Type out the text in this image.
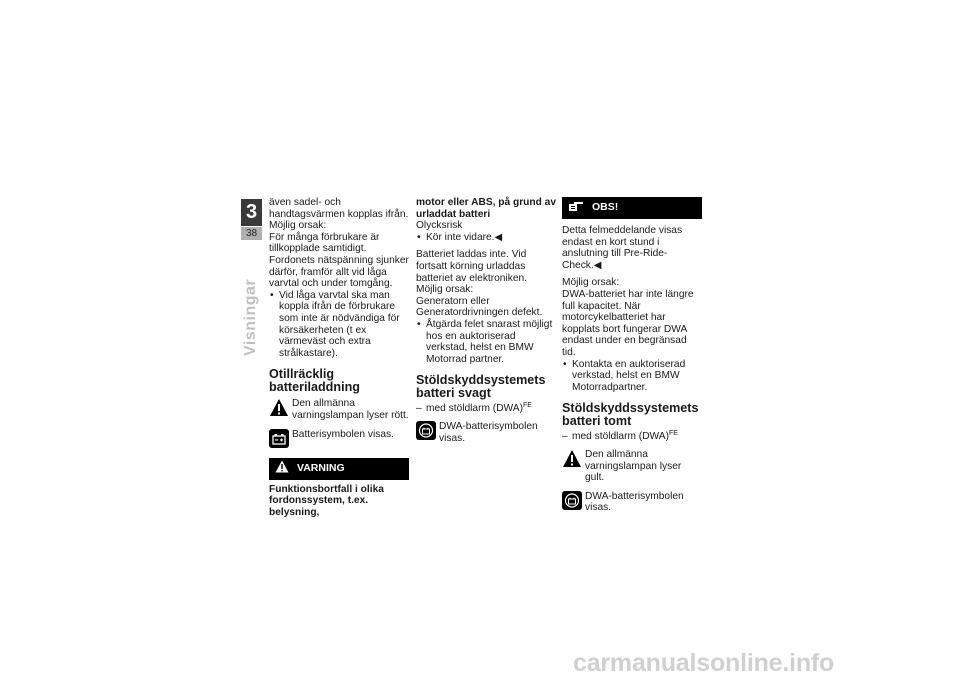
3
38
Visningar

även sadel- och handtagsvärmen kopplas ifrån.

Möjlig orsak:

För många förbrukare är tillkopplade samtidigt. Fordonets nätspänning sjunker därför, framför allt vid låga varvtal och under tomgång.

• Vid låga varvtal ska man koppla ifrån de förbrukare som inte är nödvändiga för körsäkerheten (t ex värmeväst och extra strålkastare).

Otillräcklig batteriladdning
Den allmänna varningslampan lyser rött.
Batterisymbolen visas.
VARNING

Funktionsbortfall i olika fordonssystem, t.ex. belysning,

motor eller ABS, på grund av urladdat batteri

Olycksrisk

• Kör inte vidare.◀

Batteriet laddas inte. Vid fortsatt körning urladdas batteriet av elektroniken.

Möjlig orsak:

Generatorn eller Generatordrivningen defekt.

• Åtgärda felet snarast möjligt hos en auktoriserad verkstad, helst en BMW Motorrad partner.

Stöldskyddsystemets batteri svagt

– med stöldlarm (DWA)$^{FE}$

DWA-batterisymbolen visas.
OBS!

Detta felmeddelande visas endast en kort stund i anslutning till Pre-Ride-Check.◀

Möjlig orsak:

DWA-batteriet har inte längre full kapacitet. När motorcykelbatteriet har kopplats bort fungerar DWA endast under en begränsad tid.

• Kontakta en auktoriserad verkstad, helst en BMW Motorradpartner.

Stöldskyddssystemets batteri tomt

– med stöldlarm (DWA)$^{FE}$

Den allmänna varningslampan lyser gult.
DWA-batterisymbolen visas.
carmanualsonline.info
